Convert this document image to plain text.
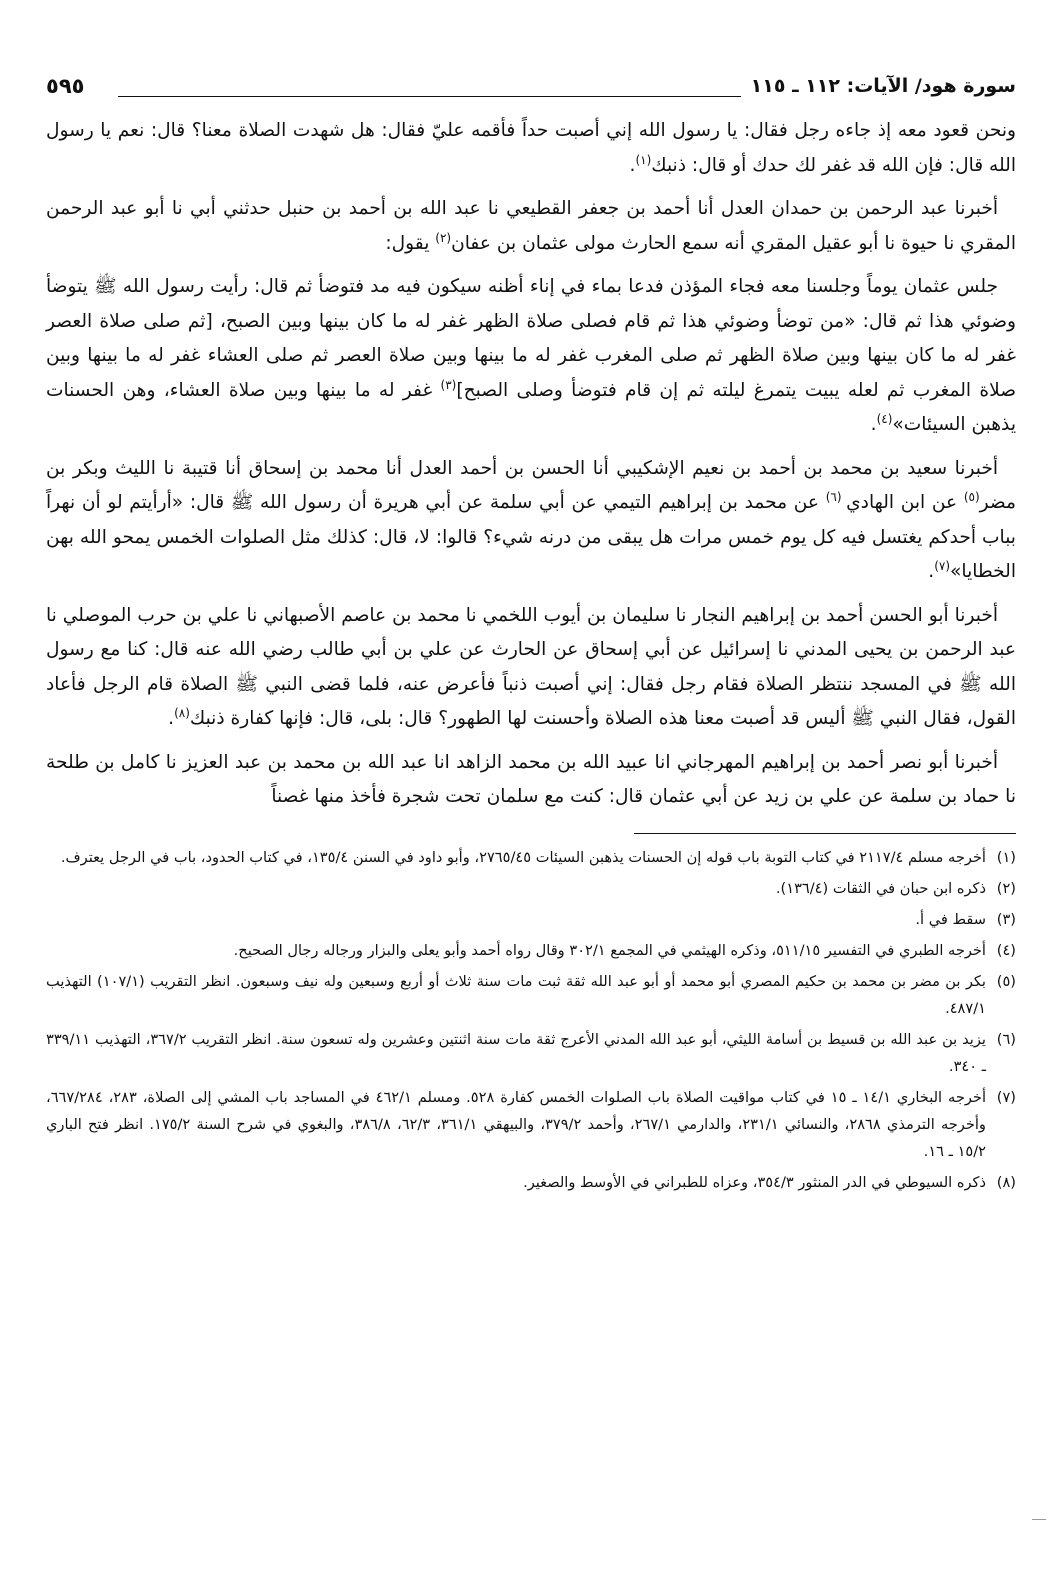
سورة هود/ الآيات: ١١٢ ـ ١١٥
٥٩٥

ونحن قعود معه إذ جاءه رجل فقال: يا رسول الله إني أصبت حداً فأقمه عليّ فقال: هل شهدت الصلاة معنا؟ قال: نعم يا رسول الله قال: فإن الله قد غفر لك حدك أو قال: ذنبك$^{(١)}$.

أخبرنا عبد الرحمن بن حمدان العدل أنا أحمد بن جعفر القطيعي نا عبد الله بن أحمد بن حنبل حدثني أبي نا أبو عبد الرحمن المقري نا حيوة نا أبو عقيل المقري أنه سمع الحارث مولى عثمان بن عفان$^{(٢)}$ يقول:

جلس عثمان يوماً وجلسنا معه فجاء المؤذن فدعا بماء في إناء أظنه سيكون فيه مد فتوضأ ثم قال: رأيت رسول الله ﷺ يتوضأ وضوئي هذا ثم قال: «من توضأ وضوئي هذا ثم قام فصلى صلاة الظهر غفر له ما كان بينها وبين الصبح، [ثم صلى صلاة العصر غفر له ما كان بينها وبين صلاة الظهر ثم صلى المغرب غفر له ما بينها وبين صلاة العصر ثم صلى العشاء غفر له ما بينها وبين صلاة المغرب ثم لعله يبيت يتمرغ ليلته ثم إن قام فتوضأ وصلى الصبح]$^{(٣)}$ غفر له ما بينها وبين صلاة العشاء، وهن الحسنات يذهبن السيئات»$^{(٤)}$.

أخبرنا سعيد بن محمد بن أحمد بن نعيم الإشكيبي أنا الحسن بن أحمد العدل أنا محمد بن إسحاق أنا قتيبة نا الليث وبكر بن مضر$^{(٥)}$ عن ابن الهادي $^{(٦)}$ عن محمد بن إبراهيم التيمي عن أبي سلمة عن أبي هريرة أن رسول الله ﷺ قال: «أرأيتم لو أن نهراً بباب أحدكم يغتسل فيه كل يوم خمس مرات هل يبقى من درنه شيء؟ قالوا: لا، قال: كذلك مثل الصلوات الخمس يمحو الله بهن الخطايا»$^{(٧)}$.

أخبرنا أبو الحسن أحمد بن إبراهيم النجار نا سليمان بن أيوب اللخمي نا محمد بن عاصم الأصبهاني نا علي بن حرب الموصلي نا عبد الرحمن بن يحيى المدني نا إسرائيل عن أبي إسحاق عن الحارث عن علي بن أبي طالب رضي الله عنه قال: كنا مع رسول الله ﷺ في المسجد ننتظر الصلاة فقام رجل فقال: إني أصبت ذنباً فأعرض عنه، فلما قضى النبي ﷺ الصلاة قام الرجل فأعاد القول، فقال النبي ﷺ أليس قد أصبت معنا هذه الصلاة وأحسنت لها الطهور؟ قال: بلى، قال: فإنها كفارة ذنبك$^{(٨)}$.

أخبرنا أبو نصر أحمد بن إبراهيم المهرجاني انا عبيد الله بن محمد الزاهد انا عبد الله بن محمد بن عبد العزيز نا كامل بن طلحة نا حماد بن سلمة عن علي بن زيد عن أبي عثمان قال: كنت مع سلمان تحت شجرة فأخذ منها غصناً

(١)
أخرجه مسلم ٢١١٧/٤ في كتاب التوبة باب قوله إن الحسنات يذهبن السيئات ٢٧٦٥/٤٥، وأبو داود في السنن ١٣٥/٤، في كتاب الحدود، باب في الرجل يعترف.
(٢)
ذكره ابن حبان في الثقات (١٣٦/٤).
(٣)
سقط في أ.
(٤)
أخرجه الطبري في التفسير ٥١١/١٥، وذكره الهيثمي في المجمع ٣٠٢/١ وقال رواه أحمد وأبو يعلى والبزار ورجاله رجال الصحيح.
(٥)
بكر بن مضر بن محمد بن حكيم المصري أبو محمد أو أبو عبد الله ثقة ثبت مات سنة ثلاث أو أربع وسبعين وله نيف وسبعون. انظر التقريب (١٠٧/١) التهذيب ٤٨٧/١.
(٦)
يزيد بن عبد الله بن قسيط بن أسامة الليثي، أبو عبد الله المدني الأعرج ثقة مات سنة اثنتين وعشرين وله تسعون سنة. انظر التقريب ٣٦٧/٢، التهذيب ٣٣٩/١١ ـ ٣٤٠.
(٧)
أخرجه البخاري ١٤/١ ـ ١٥ في كتاب مواقيت الصلاة باب الصلوات الخمس كفارة ٥٢٨. ومسلم ٤٦٢/١ في المساجد باب المشي إلى الصلاة، ٢٨٣، ٦٦٧/٢٨٤، وأخرجه الترمذي ٢٨٦٨، والنسائي ٢٣١/١، والدارمي ٢٦٧/١، وأحمد ٣٧٩/٢، والبيهقي ٣٦١/١، ٦٢/٣، ٣٨٦/٨، والبغوي في شرح السنة ١٧٥/٢. انظر فتح الباري ١٥/٢ ـ ١٦.
(٨)
ذكره السيوطي في الدر المنثور ٣٥٤/٣، وعزاه للطبراني في الأوسط والصغير.
